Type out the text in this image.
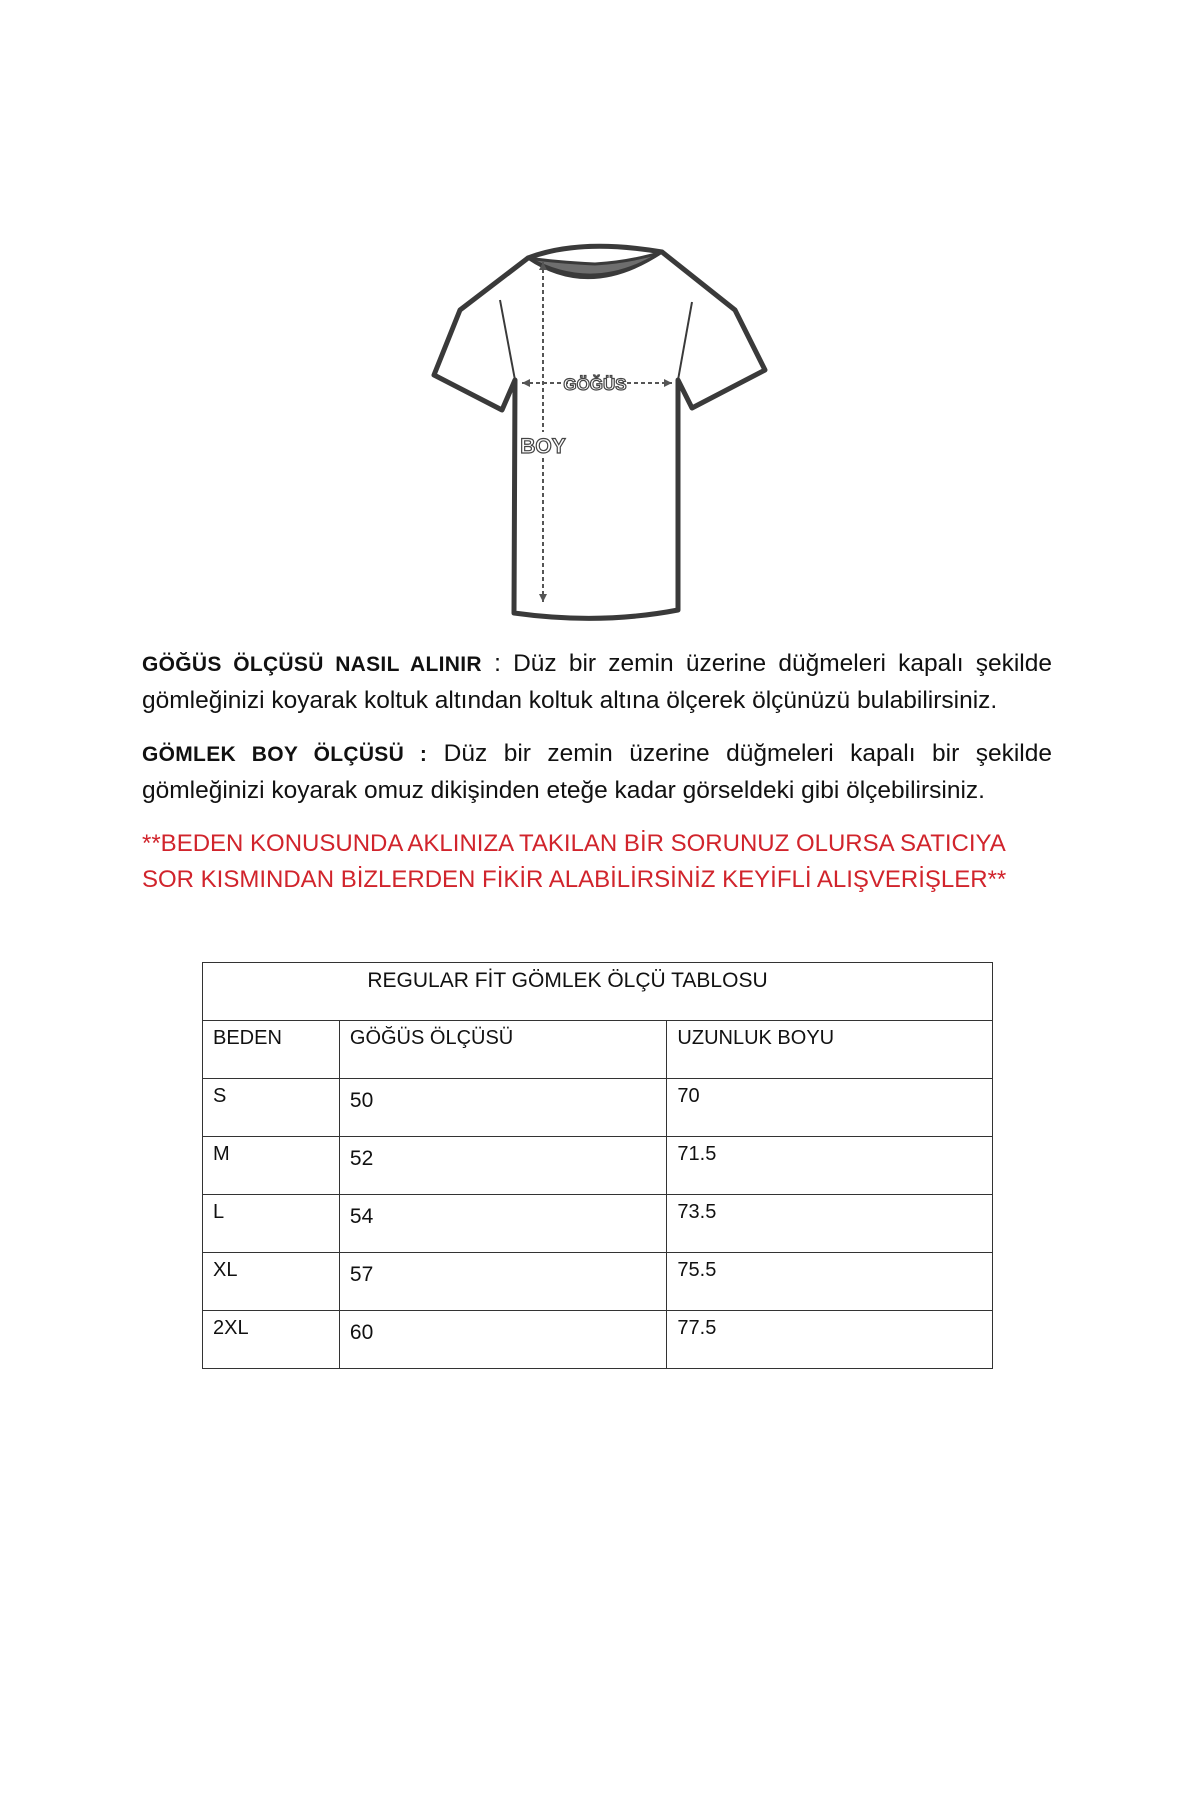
GÖĞÜS
BOY
GÖĞÜS ÖLÇÜSÜ NASIL ALINIR : Düz bir zemin üzerine düğmeleri kapalı şekilde gömleğinizi koyarak koltuk altından koltuk altına ölçerek ölçünüzü bulabilirsiniz.
GÖMLEK BOY ÖLÇÜSÜ : Düz bir zemin üzerine düğmeleri kapalı bir şekilde gömleğinizi koyarak omuz dikişinden eteğe kadar görseldeki gibi ölçebilirsiniz.
**BEDEN KONUSUNDA AKLINIZA TAKILAN BİR SORUNUZ OLURSA SATICIYA SOR KISMINDAN BİZLERDEN FİKİR ALABİLİRSİNİZ KEYİFLİ ALIŞVERİŞLER**
REGULAR FİT GÖMLEK ÖLÇÜ TABLOSU		
BEDEN	GÖĞÜS ÖLÇÜSÜ	UZUNLUK BOYU
S	50	70
M	52	71.5
L	54	73.5
XL	57	75.5
2XL	60	77.5
